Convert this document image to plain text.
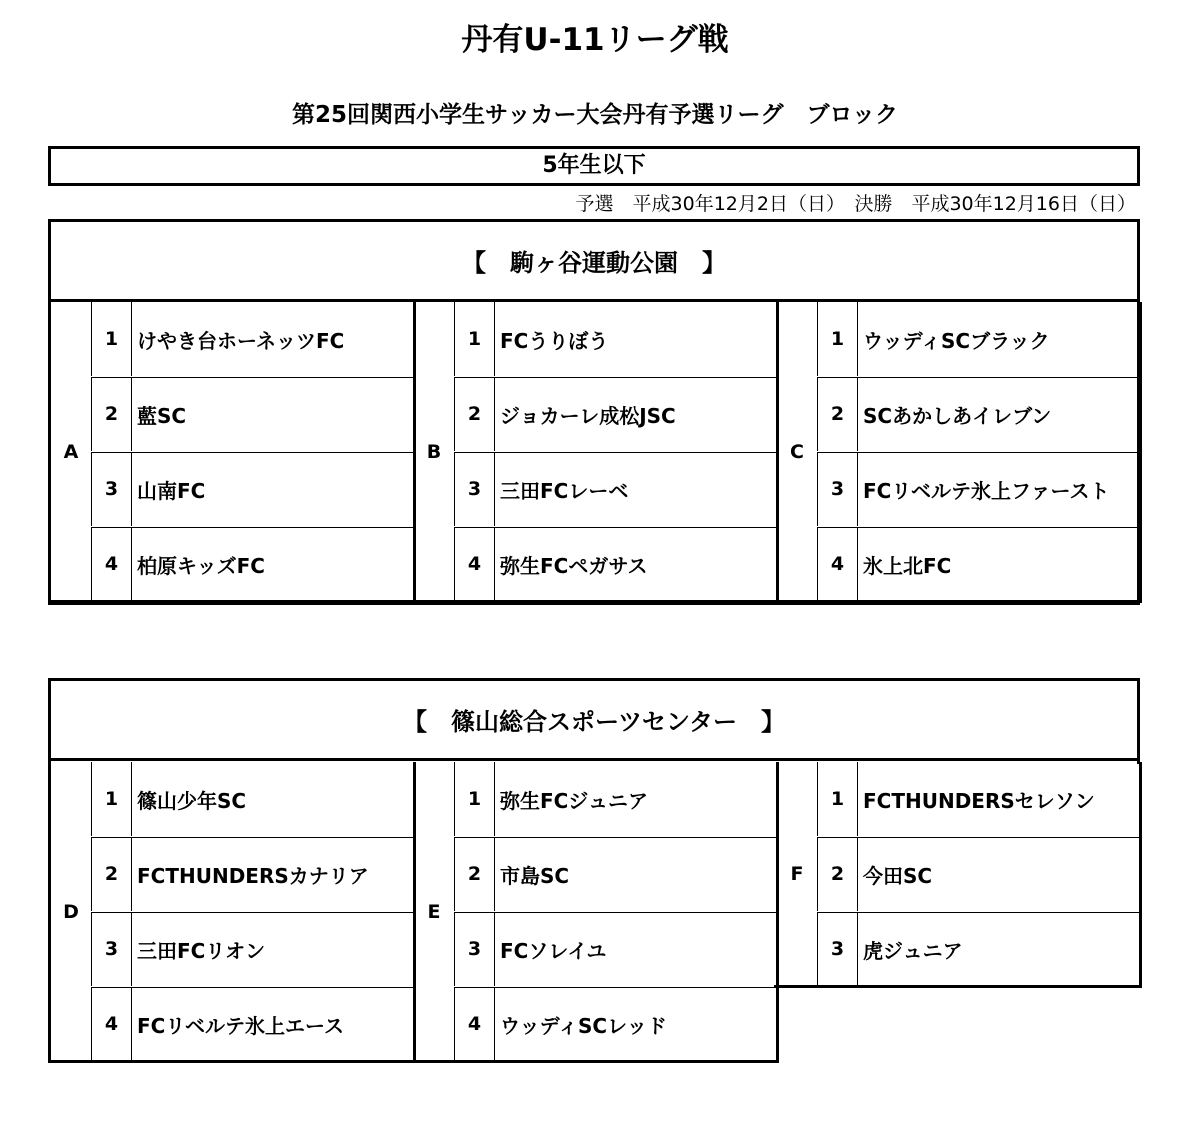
丹有U-11リーグ戦
第25回関西小学生サッカー大会丹有予選リーグ　ブロック
5年生以下
予選　平成30年12月2日（日）　決勝　平成30年12月16日（日）
【　駒ヶ谷運動公園　】
【　篠山総合スポーツセンター　】
A
1 けやき台ホーネッツFC
2 藍SC
3 山南FC
4 柏原キッズFC
B
1 FCうりぼう
2 ジョカーレ成松JSC
3 三田FCレーベ
4 弥生FCペガサス
C
1 ウッディSCブラック
2 SCあかしあイレブン
3 FCリベルテ氷上ファースト
4 氷上北FC
D
1 篠山少年SC
2 FCTHUNDERSカナリア
3 三田FCリオン
4 FCリベルテ氷上エース
E
1 弥生FCジュニア
2 市島SC
3 FCソレイユ
4 ウッディSCレッド
F
1 FCTHUNDERSセレソン
2 今田SC
3 虎ジュニア
